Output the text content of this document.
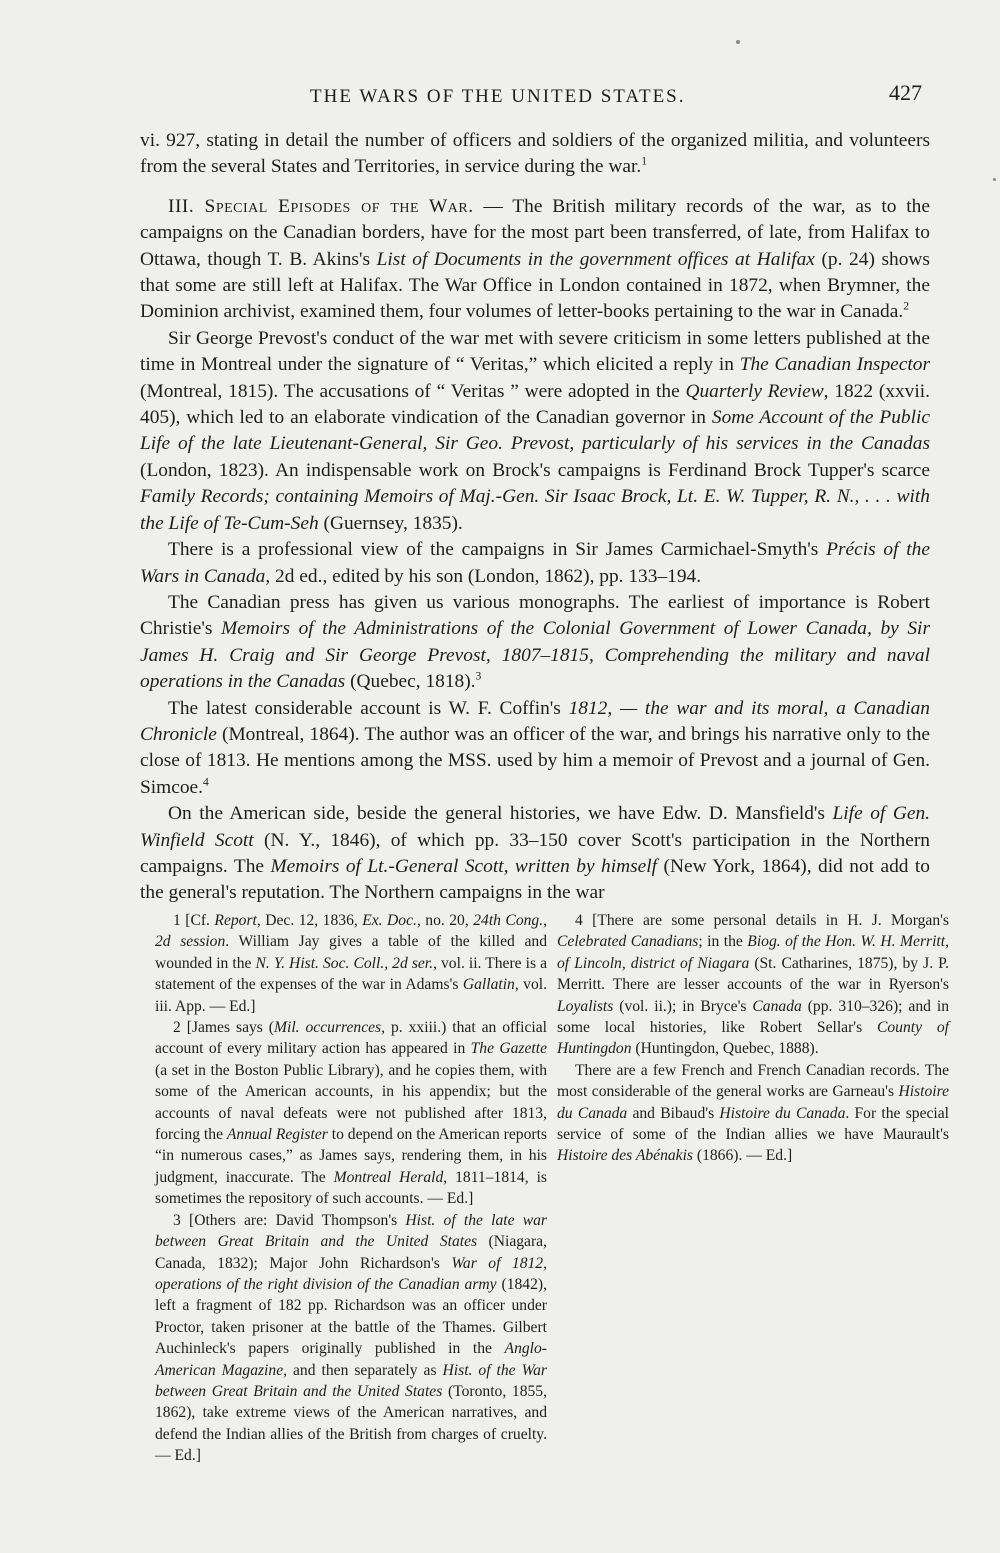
THE WARS OF THE UNITED STATES.	427

vi. 927, stating in detail the number of officers and soldiers of the organized militia, and volunteers from the several States and Territories, in service during the war.$^1$

III. Special Episodes of the War. — The British military records of the war, as to the campaigns on the Canadian borders, have for the most part been transferred, of late, from Halifax to Ottawa, though T. B. Akins's List of Documents in the government offices at Halifax (p. 24) shows that some are still left at Halifax. The War Office in London contained in 1872, when Brymner, the Dominion archivist, examined them, four volumes of letter-books pertaining to the war in Canada.$^2$

Sir George Prevost's conduct of the war met with severe criticism in some letters published at the time in Montreal under the signature of “ Veritas,” which elicited a reply in The Canadian Inspector (Montreal, 1815). The accusations of “ Veritas ” were adopted in the Quarterly Review, 1822 (xxvii. 405), which led to an elaborate vindication of the Canadian governor in Some Account of the Public Life of the late Lieutenant-General, Sir Geo. Prevost, particularly of his services in the Canadas (London, 1823). An indispensable work on Brock's campaigns is Ferdinand Brock Tupper's scarce Family Records; containing Memoirs of Maj.-Gen. Sir Isaac Brock, Lt. E. W. Tupper, R. N., . . . with the Life of Te-Cum-Seh (Guernsey, 1835).

There is a professional view of the campaigns in Sir James Carmichael-Smyth's Précis of the Wars in Canada, 2d ed., edited by his son (London, 1862), pp. 133–194.

The Canadian press has given us various monographs. The earliest of importance is Robert Christie's Memoirs of the Administrations of the Colonial Government of Lower Canada, by Sir James H. Craig and Sir George Prevost, 1807–1815, Comprehending the military and naval operations in the Canadas (Quebec, 1818).$^3$

The latest considerable account is W. F. Coffin's 1812, — the war and its moral, a Canadian Chronicle (Montreal, 1864). The author was an officer of the war, and brings his narrative only to the close of 1813. He mentions among the MSS. used by him a memoir of Prevost and a journal of Gen. Simcoe.$^4$

On the American side, beside the general histories, we have Edw. D. Mansfield's Life of Gen. Winfield Scott (N. Y., 1846), of which pp. 33–150 cover Scott's participation in the Northern campaigns. The Memoirs of Lt.-General Scott, written by himself (New York, 1864), did not add to the general's reputation. The Northern campaigns in the war

1 [Cf. Report, Dec. 12, 1836, Ex. Doc., no. 20, 24th Cong., 2d session. William Jay gives a table of the killed and wounded in the N. Y. Hist. Soc. Coll., 2d ser., vol. ii. There is a statement of the expenses of the war in Adams's Gallatin, vol. iii. App. — Ed.]

2 [James says (Mil. occurrences, p. xxiii.) that an official account of every military action has appeared in The Gazette (a set in the Boston Public Library), and he copies them, with some of the American accounts, in his appendix; but the accounts of naval defeats were not published after 1813, forcing the Annual Register to depend on the American reports “in numerous cases,” as James says, rendering them, in his judgment, inaccurate. The Montreal Herald, 1811–1814, is sometimes the repository of such accounts. — Ed.]

3 [Others are: David Thompson's Hist. of the late war between Great Britain and the United States (Niagara, Canada, 1832); Major John Richardson's War of 1812, operations of the right division of the Canadian army (1842), left a fragment of 182 pp. Richardson was an officer under Proctor, taken prisoner at the battle of the Thames. Gilbert Auchinleck's papers originally published in the Anglo-American Magazine, and then separately as Hist. of the War between Great Britain and the United States (Toronto, 1855, 1862), take extreme views of the American narratives, and defend the Indian allies of the British from charges of cruelty. — Ed.]

4 [There are some personal details in H. J. Morgan's Celebrated Canadians; in the Biog. of the Hon. W. H. Merritt, of Lincoln, district of Niagara (St. Catharines, 1875), by J. P. Merritt. There are lesser accounts of the war in Ryerson's Loyalists (vol. ii.); in Bryce's Canada (pp. 310–326); and in some local histories, like Robert Sellar's County of Huntingdon (Huntingdon, Quebec, 1888).

There are a few French and French Canadian records. The most considerable of the general works are Garneau's Histoire du Canada and Bibaud's Histoire du Canada. For the special service of some of the Indian allies we have Maurault's Histoire des Abénakis (1866). — Ed.]
